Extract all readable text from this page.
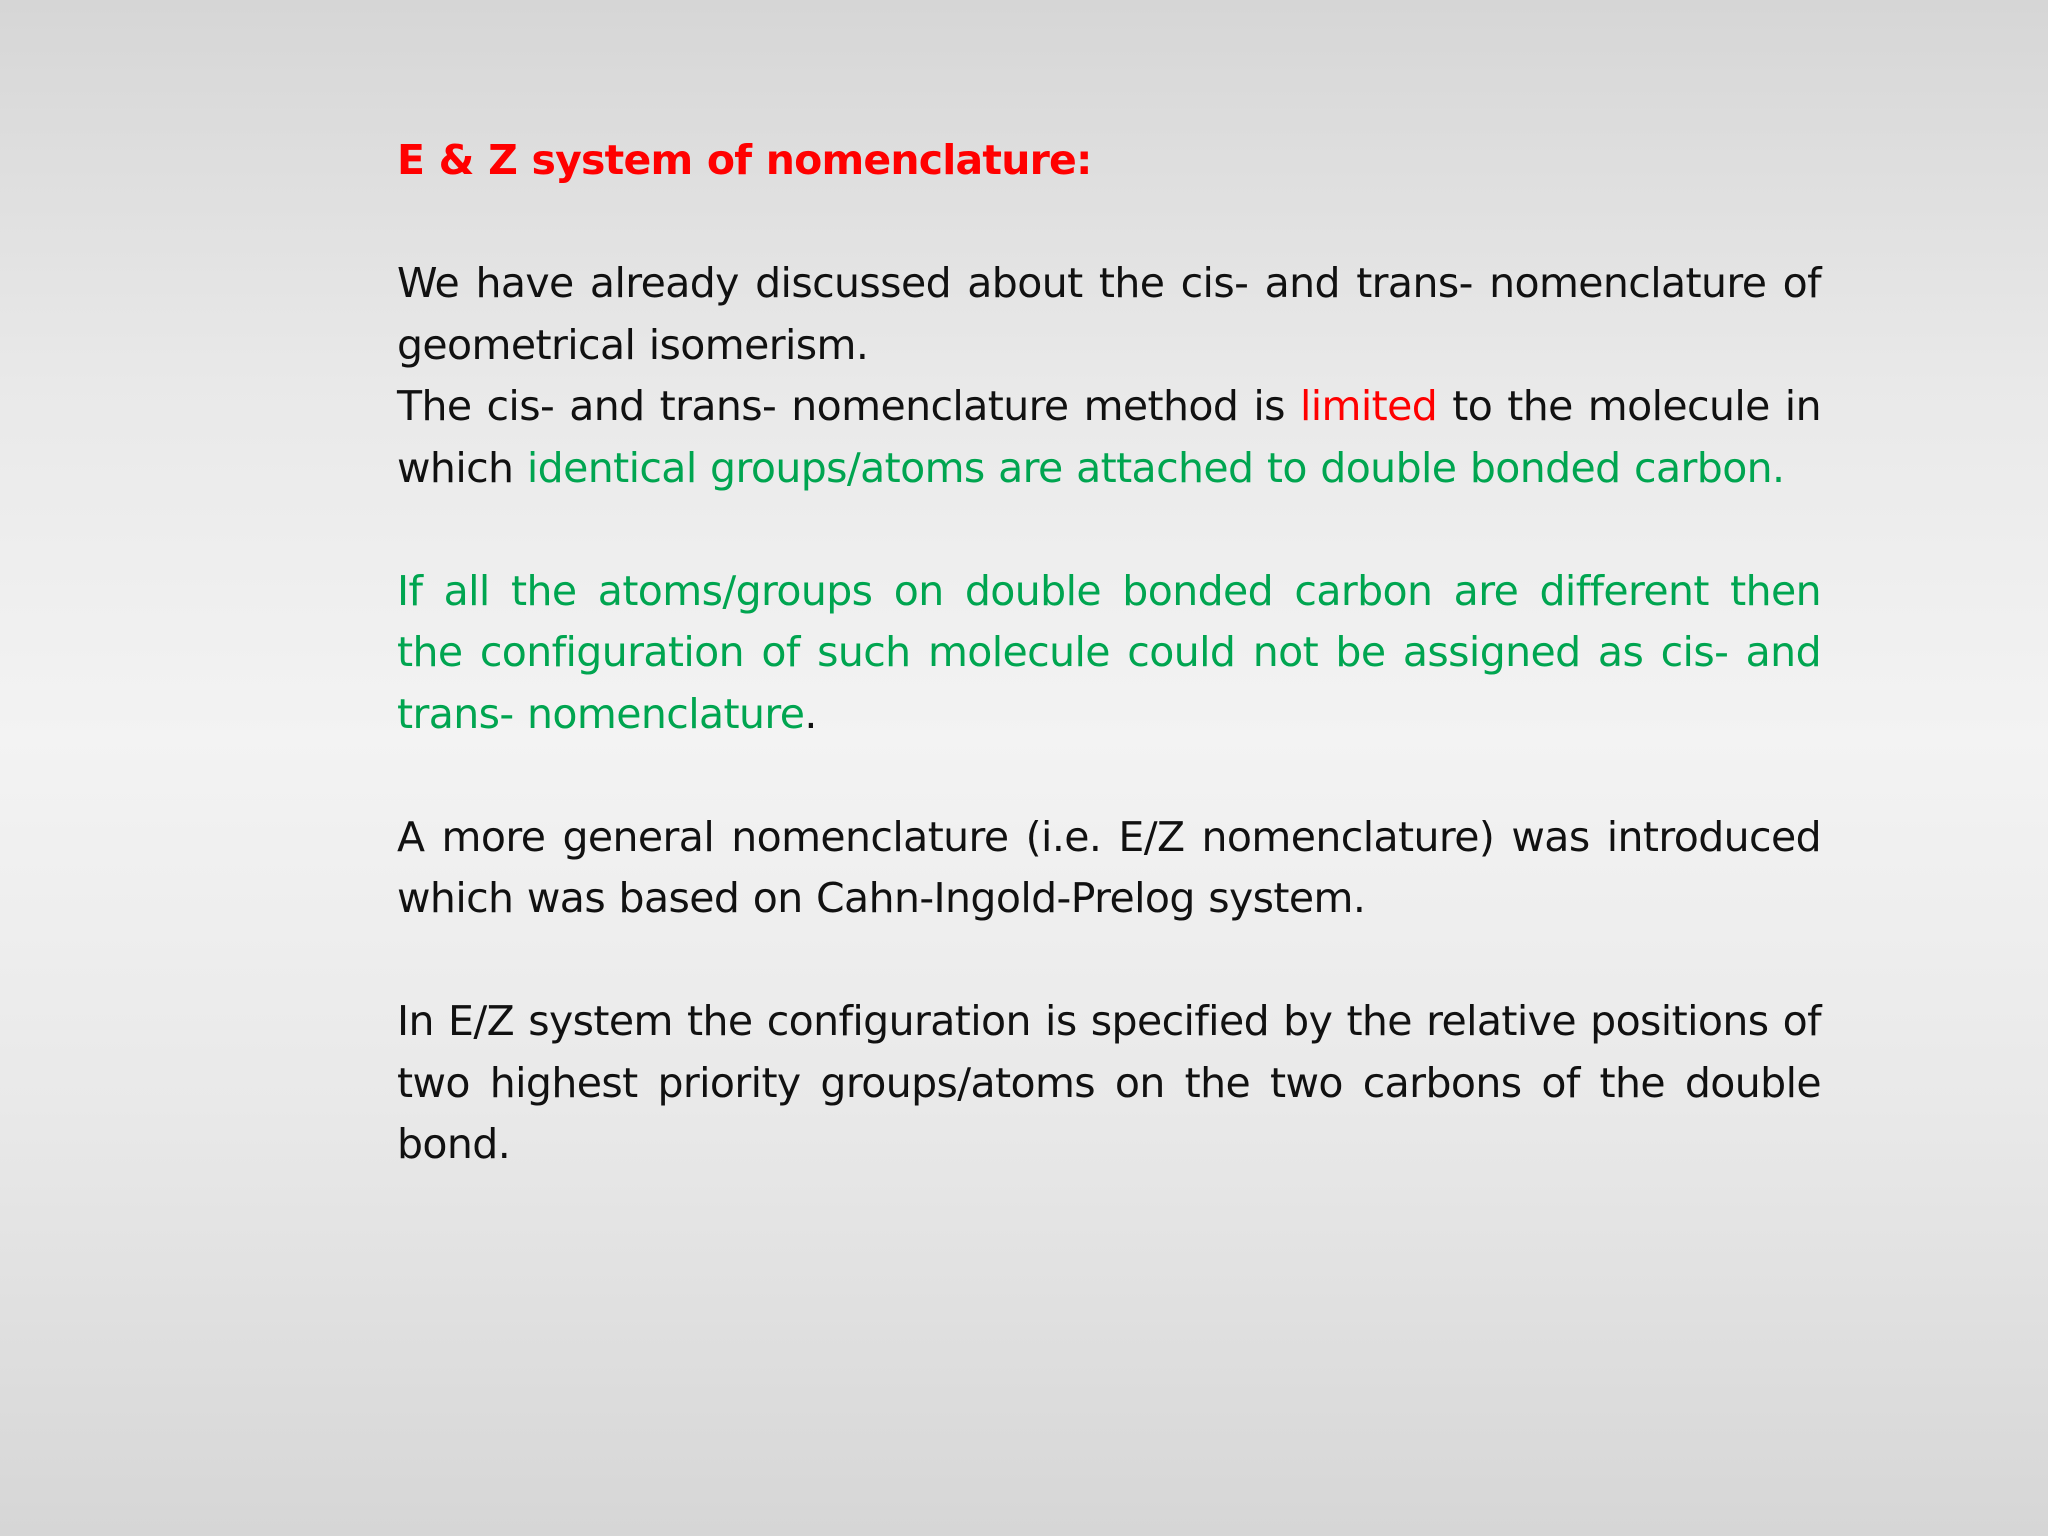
E & Z system of nomenclature:

We have already discussed about the cis- and trans- nomenclature of geometrical isomerism.

The cis- and trans- nomenclature method is limited to the molecule in which identical groups/atoms are attached to double bonded carbon.

If all the atoms/groups on double bonded carbon are different then the configuration of such molecule could not be assigned as cis- and trans- nomenclature.

A more general nomenclature (i.e. E/Z nomenclature) was introduced which was based on Cahn-Ingold-Prelog system.

In E/Z system the configuration is specified by the relative positions of two highest priority groups/atoms on the two carbons of the double bond.
